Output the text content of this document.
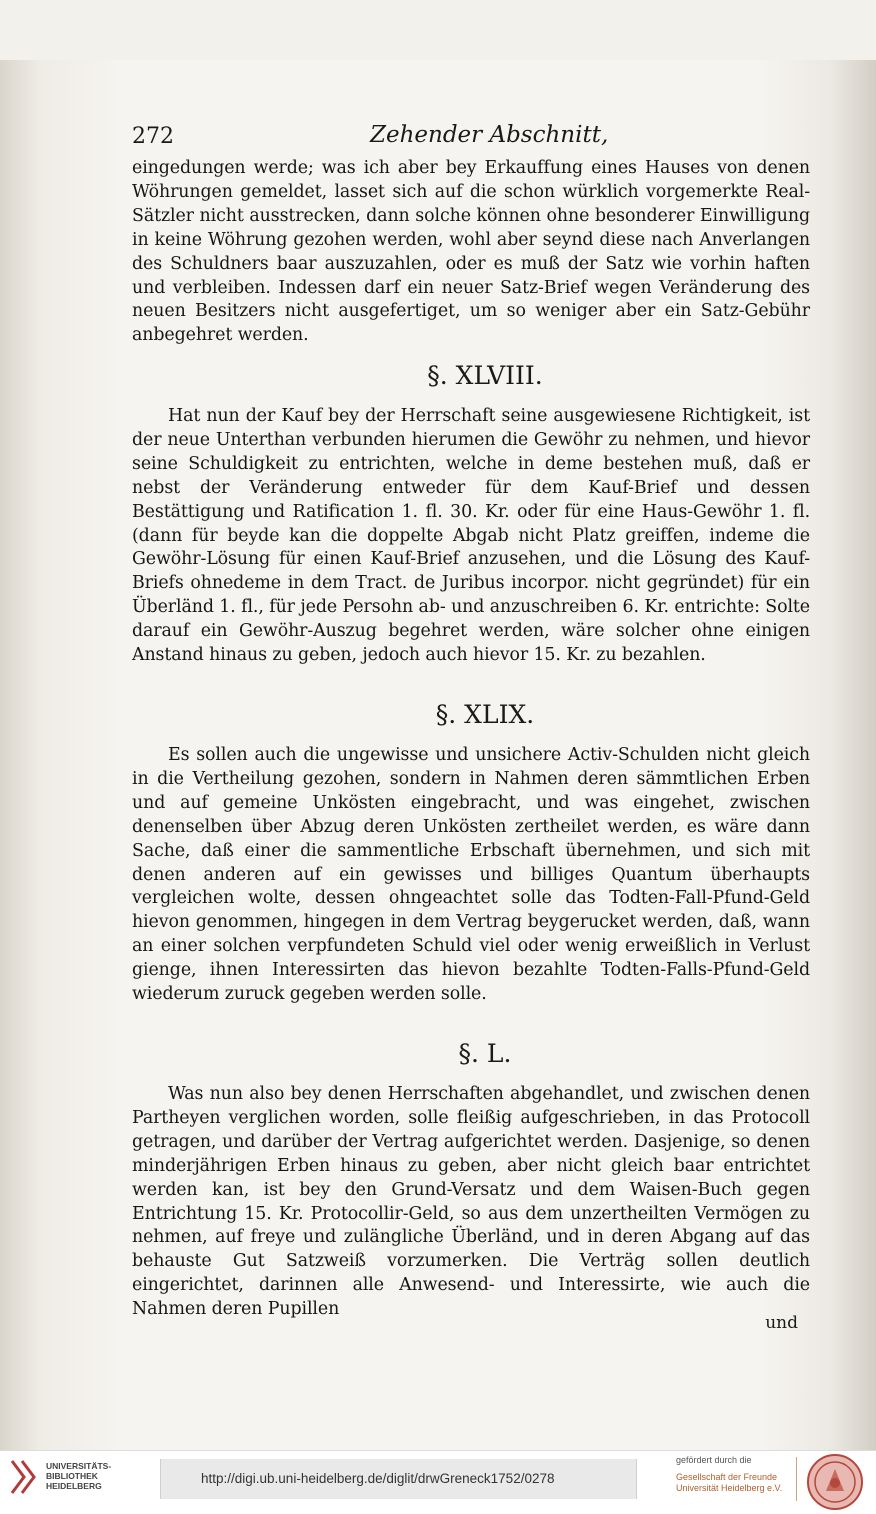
272	Zehender Abschnitt,
eingedungen werde; was ich aber bey Erkauffung eines Hauses von denen Wöhrungen gemeldet, lasset sich auf die schon würklich vorgemerkte Real-Sätzler nicht ausstrecken, dann solche können ohne besonderer Einwilligung in keine Wöhrung gezohen werden, wohl aber seynd diese nach Anverlangen des Schuldners baar auszuzahlen, oder es muß der Satz wie vorhin haften und verbleiben. Indessen darf ein neuer Satz-Brief wegen Veränderung des neuen Besitzers nicht ausgefertiget, um so weniger aber ein Satz-Gebühr anbegehret werden.
§. XLVIII.
Hat nun der Kauf bey der Herrschaft seine ausgewiesene Richtigkeit, ist der neue Unterthan verbunden hierumen die Gewöhr zu nehmen, und hievor seine Schuldigkeit zu entrichten, welche in deme bestehen muß, daß er nebst der Veränderung entweder für dem Kauf-Brief und dessen Bestättigung und Ratification 1. fl. 30. Kr. oder für eine Haus-Gewöhr 1. fl. (dann für beyde kan die doppelte Abgab nicht Platz greiffen, indeme die Gewöhr-Lösung für einen Kauf-Brief anzusehen, und die Lösung des Kauf-Briefs ohnedeme in dem Tract. de Juribus incorpor. nicht gegründet) für ein Überländ 1. fl., für jede Persohn ab- und anzuschreiben 6. Kr. entrichte: Solte darauf ein Gewöhr-Auszug begehret werden, wäre solcher ohne einigen Anstand hinaus zu geben, jedoch auch hievor 15. Kr. zu bezahlen.
§. XLIX.
Es sollen auch die ungewisse und unsichere Activ-Schulden nicht gleich in die Vertheilung gezohen, sondern in Nahmen deren sämmtlichen Erben und auf gemeine Unkösten eingebracht, und was eingehet, zwischen denenselben über Abzug deren Unkösten zertheilet werden, es wäre dann Sache, daß einer die sammentliche Erbschaft übernehmen, und sich mit denen anderen auf ein gewisses und billiges Quantum überhaupts vergleichen wolte, dessen ohngeachtet solle das Todten-Fall-Pfund-Geld hievon genommen, hingegen in dem Vertrag beygerucket werden, daß, wann an einer solchen verpfundeten Schuld viel oder wenig erweißlich in Verlust gienge, ihnen Interessirten das hievon bezahlte Todten-Falls-Pfund-Geld wiederum zuruck gegeben werden solle.
§. L.
Was nun also bey denen Herrschaften abgehandlet, und zwischen denen Partheyen verglichen worden, solle fleißig aufgeschrieben, in das Protocoll getragen, und darüber der Vertrag aufgerichtet werden. Dasjenige, so denen minderjährigen Erben hinaus zu geben, aber nicht gleich baar entrichtet werden kan, ist bey den Grund-Versatz und dem Waisen-Buch gegen Entrichtung 15. Kr. Protocollir-Geld, so aus dem unzertheilten Vermögen zu nehmen, auf freye und zulängliche Überländ, und in deren Abgang auf das behauste Gut Satzweiß vorzumerken. Die Verträg sollen deutlich eingerichtet, darinnen alle Anwesend- und Interessirte, wie auch die Nahmen deren Pupillen
und
UNIVERSITÄTS-
BIBLIOTHEK
HEIDELBERG	http://digi.ub.uni-heidelberg.de/diglit/drwGreneck1752/0278
gefördert durch die
Gesellschaft der Freunde
Universität Heidelberg e.V.
